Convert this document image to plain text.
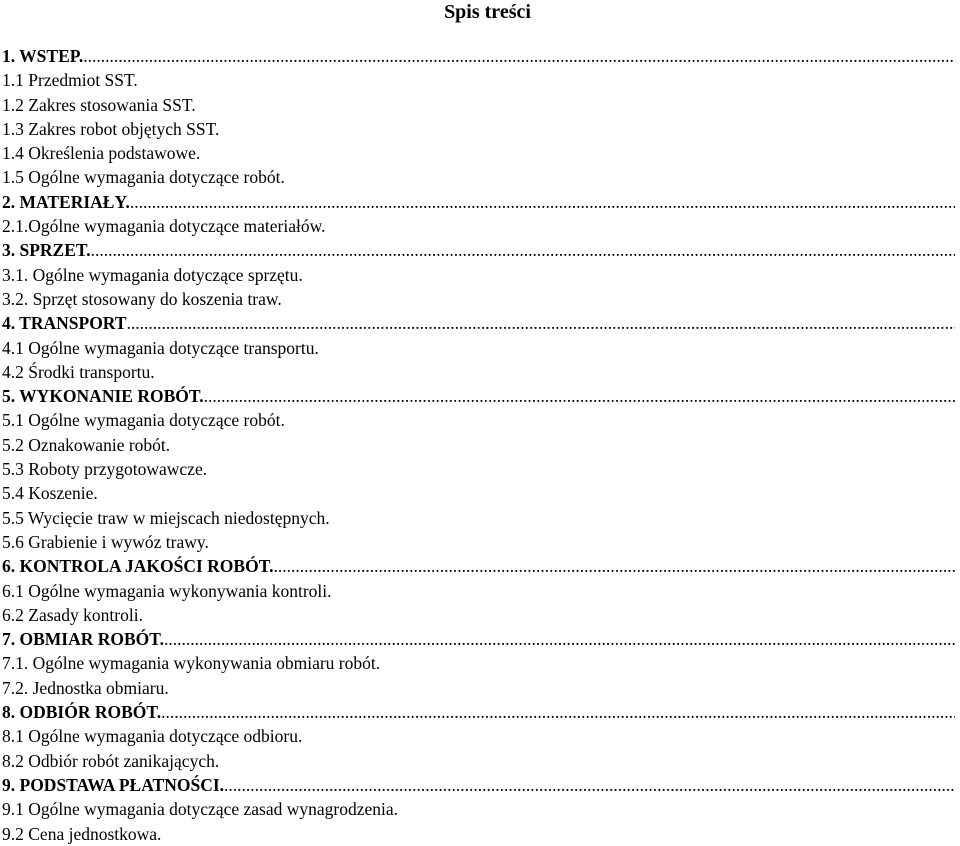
Spis treści
1. WSTEP.
.....
1.1 Przedmiot SST.
1.2 Zakres stosowania SST.
1.3 Zakres robot objętych SST.
1.4 Określenia podstawowe.
1.5 Ogólne wymagania dotyczące robót.
2. MATERIAŁY.
.....
2.1.Ogólne wymagania dotyczące materiałów.
3. SPRZET.
.....
3.1. Ogólne wymagania dotyczące sprzętu.
3.2. Sprzęt stosowany do koszenia traw.
4. TRANSPORT
.....
4.1 Ogólne wymagania dotyczące transportu.
4.2 Środki transportu.
5. WYKONANIE ROBÓT.
.....
5.1 Ogólne wymagania dotyczące robót.
5.2 Oznakowanie robót.
5.3 Roboty przygotowawcze.
5.4 Koszenie.
5.5 Wycięcie traw w miejscach niedostępnych.
5.6 Grabienie i wywóz trawy.
6. KONTROLA JAKOŚCI ROBÓT.
.....
6.1 Ogólne wymagania wykonywania kontroli.
6.2 Zasady kontroli.
7. OBMIAR ROBÓT.
.....
7.1. Ogólne wymagania wykonywania obmiaru robót.
7.2. Jednostka obmiaru.
8. ODBIÓR ROBÓT.
.....
8.1 Ogólne wymagania dotyczące odbioru.
8.2 Odbiór robót zanikających.
9. PODSTAWA PŁATNOŚCI.
.....
9.1 Ogólne wymagania dotyczące zasad wynagrodzenia.
9.2 Cena jednostkowa.
